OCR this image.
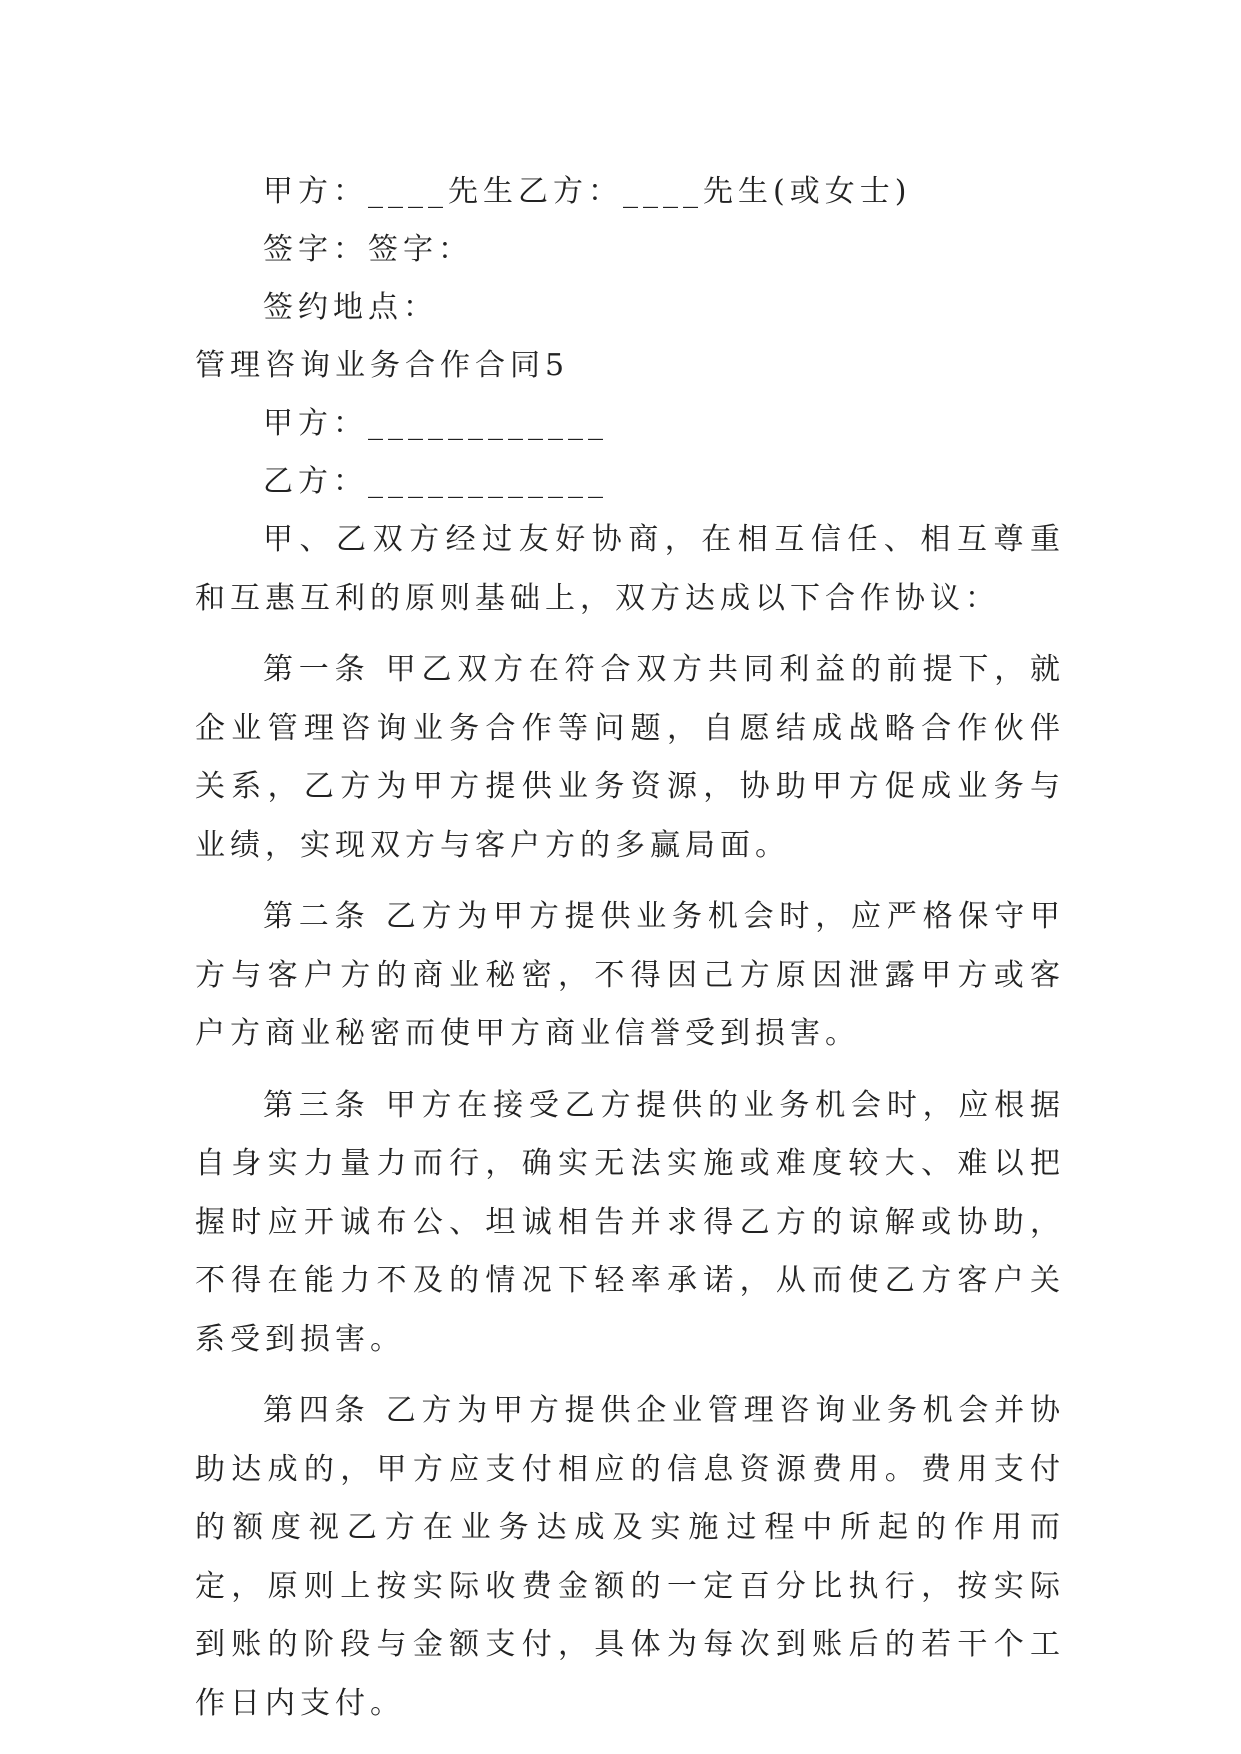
甲方：____先生乙方：____先生(或女士)
签字：签字：
签约地点：
管理咨询业务合作合同5
甲方：____________
乙方：____________

甲、乙双方经过友好协商，在相互信任、相互尊重和互惠互利的原则基础上，双方达成以下合作协议：

第一条 甲乙双方在符合双方共同利益的前提下，就企业管理咨询业务合作等问题，自愿结成战略合作伙伴关系，乙方为甲方提供业务资源，协助甲方促成业务与业绩，实现双方与客户方的多赢局面。

第二条 乙方为甲方提供业务机会时，应严格保守甲方与客户方的商业秘密，不得因己方原因泄露甲方或客户方商业秘密而使甲方商业信誉受到损害。

第三条 甲方在接受乙方提供的业务机会时，应根据自身实力量力而行，确实无法实施或难度较大、难以把握时应开诚布公、坦诚相告并求得乙方的谅解或协助，不得在能力不及的情况下轻率承诺，从而使乙方客户关系受到损害。

第四条 乙方为甲方提供企业管理咨询业务机会并协助达成的，甲方应支付相应的信息资源费用。费用支付的额度视乙方在业务达成及实施过程中所起的作用而定，原则上按实际收费金额的一定百分比执行，按实际到账的阶段与金额支付，具体为每次到账后的若干个工作日内支付。
